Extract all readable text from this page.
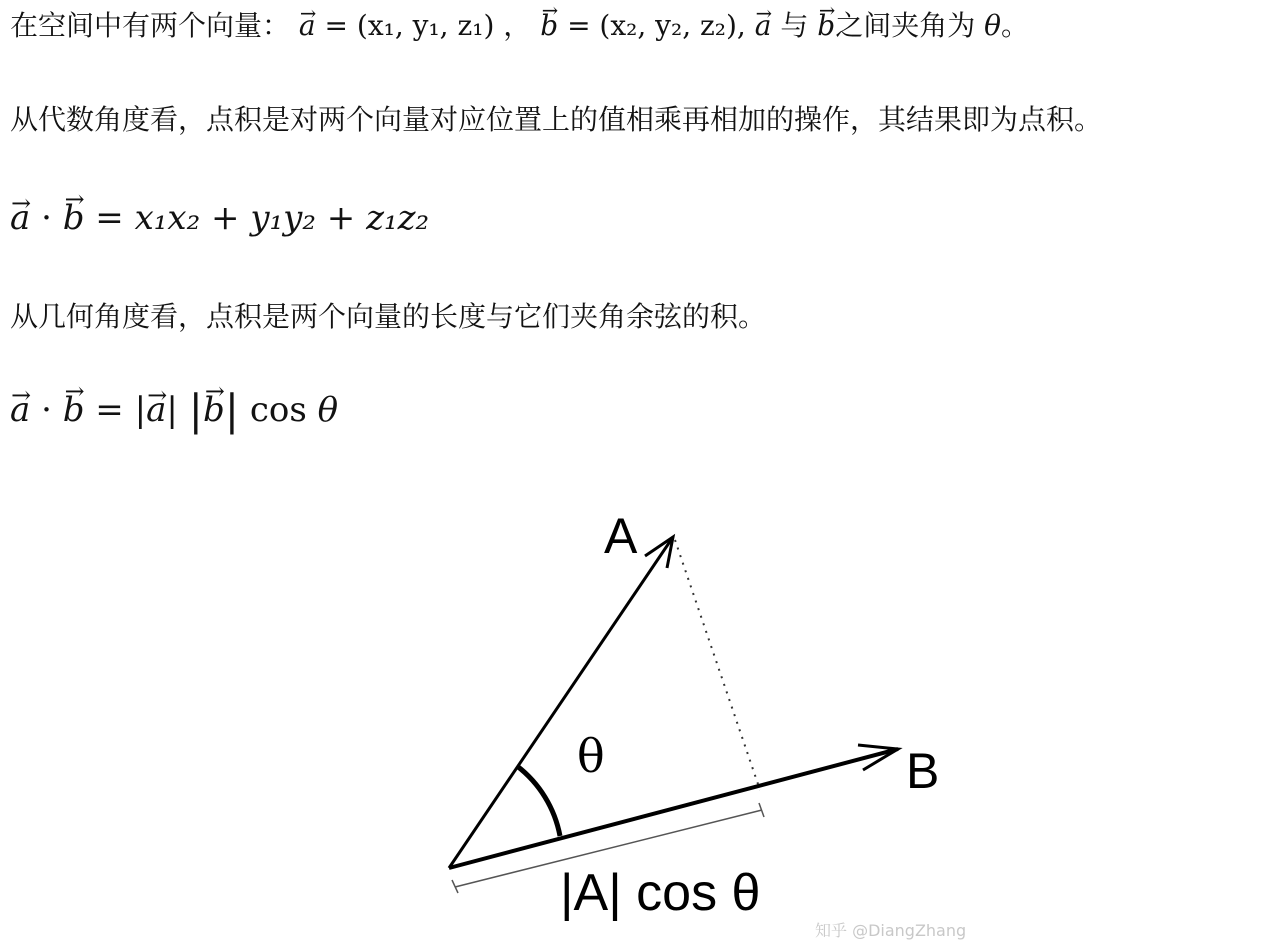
在空间中有两个向量： → a = (x₁, y₁, z₁) ， → b = (x₂, y₂, z₂), → a 与 → b之间夹角为 θ。
从代数角度看，点积是对两个向量对应位置上的值相乘再相加的操作，其结果即为点积。
→ a · → b = x₁x₂ + y₁y₂ + z₁z₂
从几何角度看，点积是两个向量的长度与它们夹角余弦的积。
→ a · → b = |→ a| |→ b| cos θ
A
B
θ
|A| cos θ
知乎 @DiangZhang
